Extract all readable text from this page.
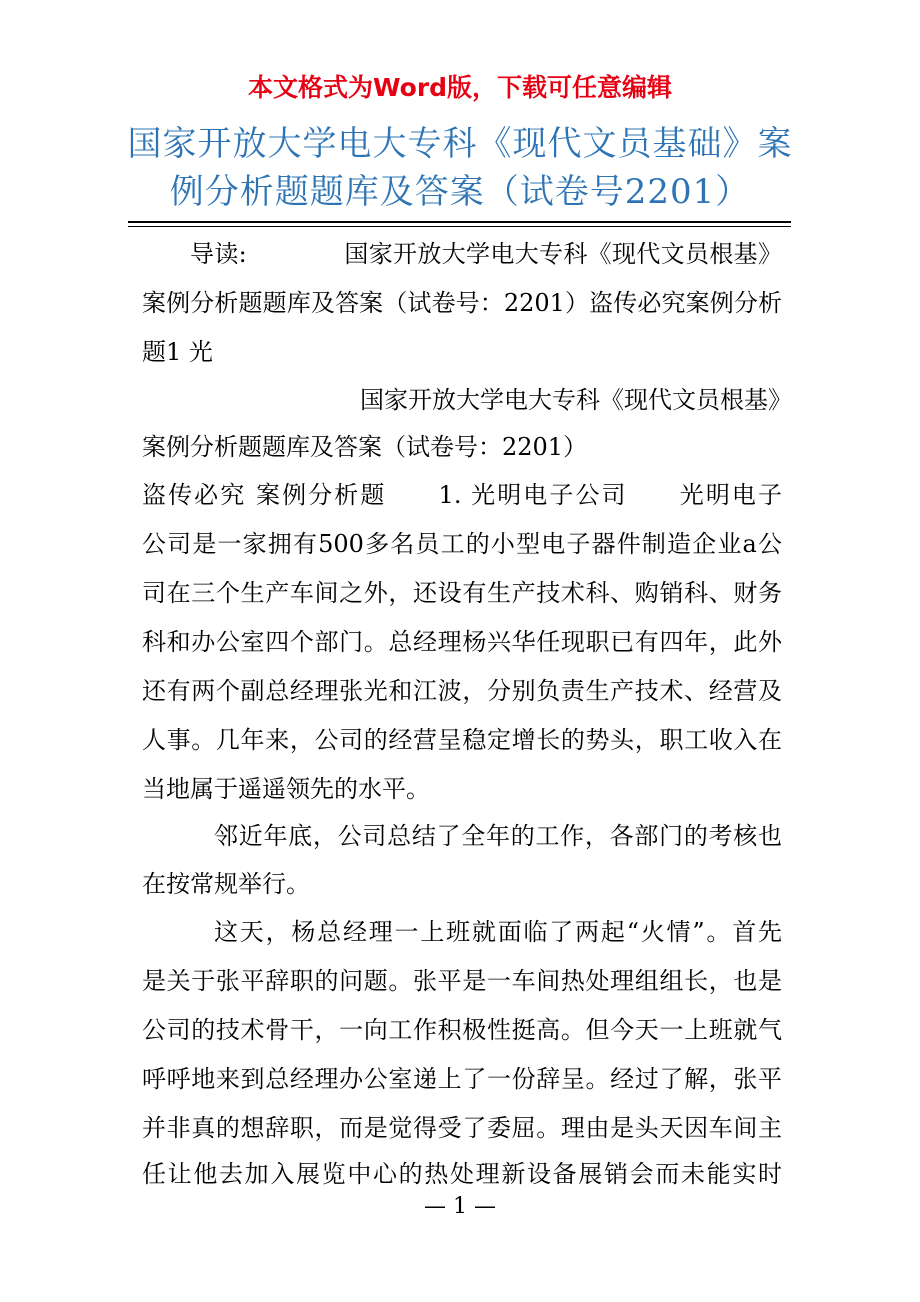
本文格式为Word版，下载可任意编辑
国家开放大学电大专科《现代文员基础》案
例分析题题库及答案（试卷号2201）
导读:　　　　国家开放大学电大专科《现代文员根基》
案例分析题题库及答案（试卷号：2201）盗传必究案例分析
题1 光
国家开放大学电大专科《现代文员根基》
案例分析题题库及答案（试卷号：2201）
盗传必究 案例分析题　　1. 光明电子公司　　光明电子
公司是一家拥有500多名员工的小型电子器件制造企业a公
司在三个生产车间之外，还设有生产技术科、购销科、财务
科和办公室四个部门。总经理杨兴华任现职已有四年，此外
还有两个副总经理张光和江波，分别负责生产技术、经营及
人事。几年来，公司的经营呈稳定增长的势头，职工收入在
当地属于遥遥领先的水平。
邻近年底，公司总结了全年的工作，各部门的考核也
在按常规举行。
这天，杨总经理一上班就面临了两起“火情”。首先
是关于张平辞职的问题。张平是一车间热处理组组长，也是
公司的技术骨干，一向工作积极性挺高。但今天一上班就气
呼呼地来到总经理办公室递上了一份辞呈。经过了解，张平
并非真的想辞职，而是觉得受了委屈。理由是头天因车间主
任让他去加入展览中心的热处理新设备展销会而未能实时
— 1 —
